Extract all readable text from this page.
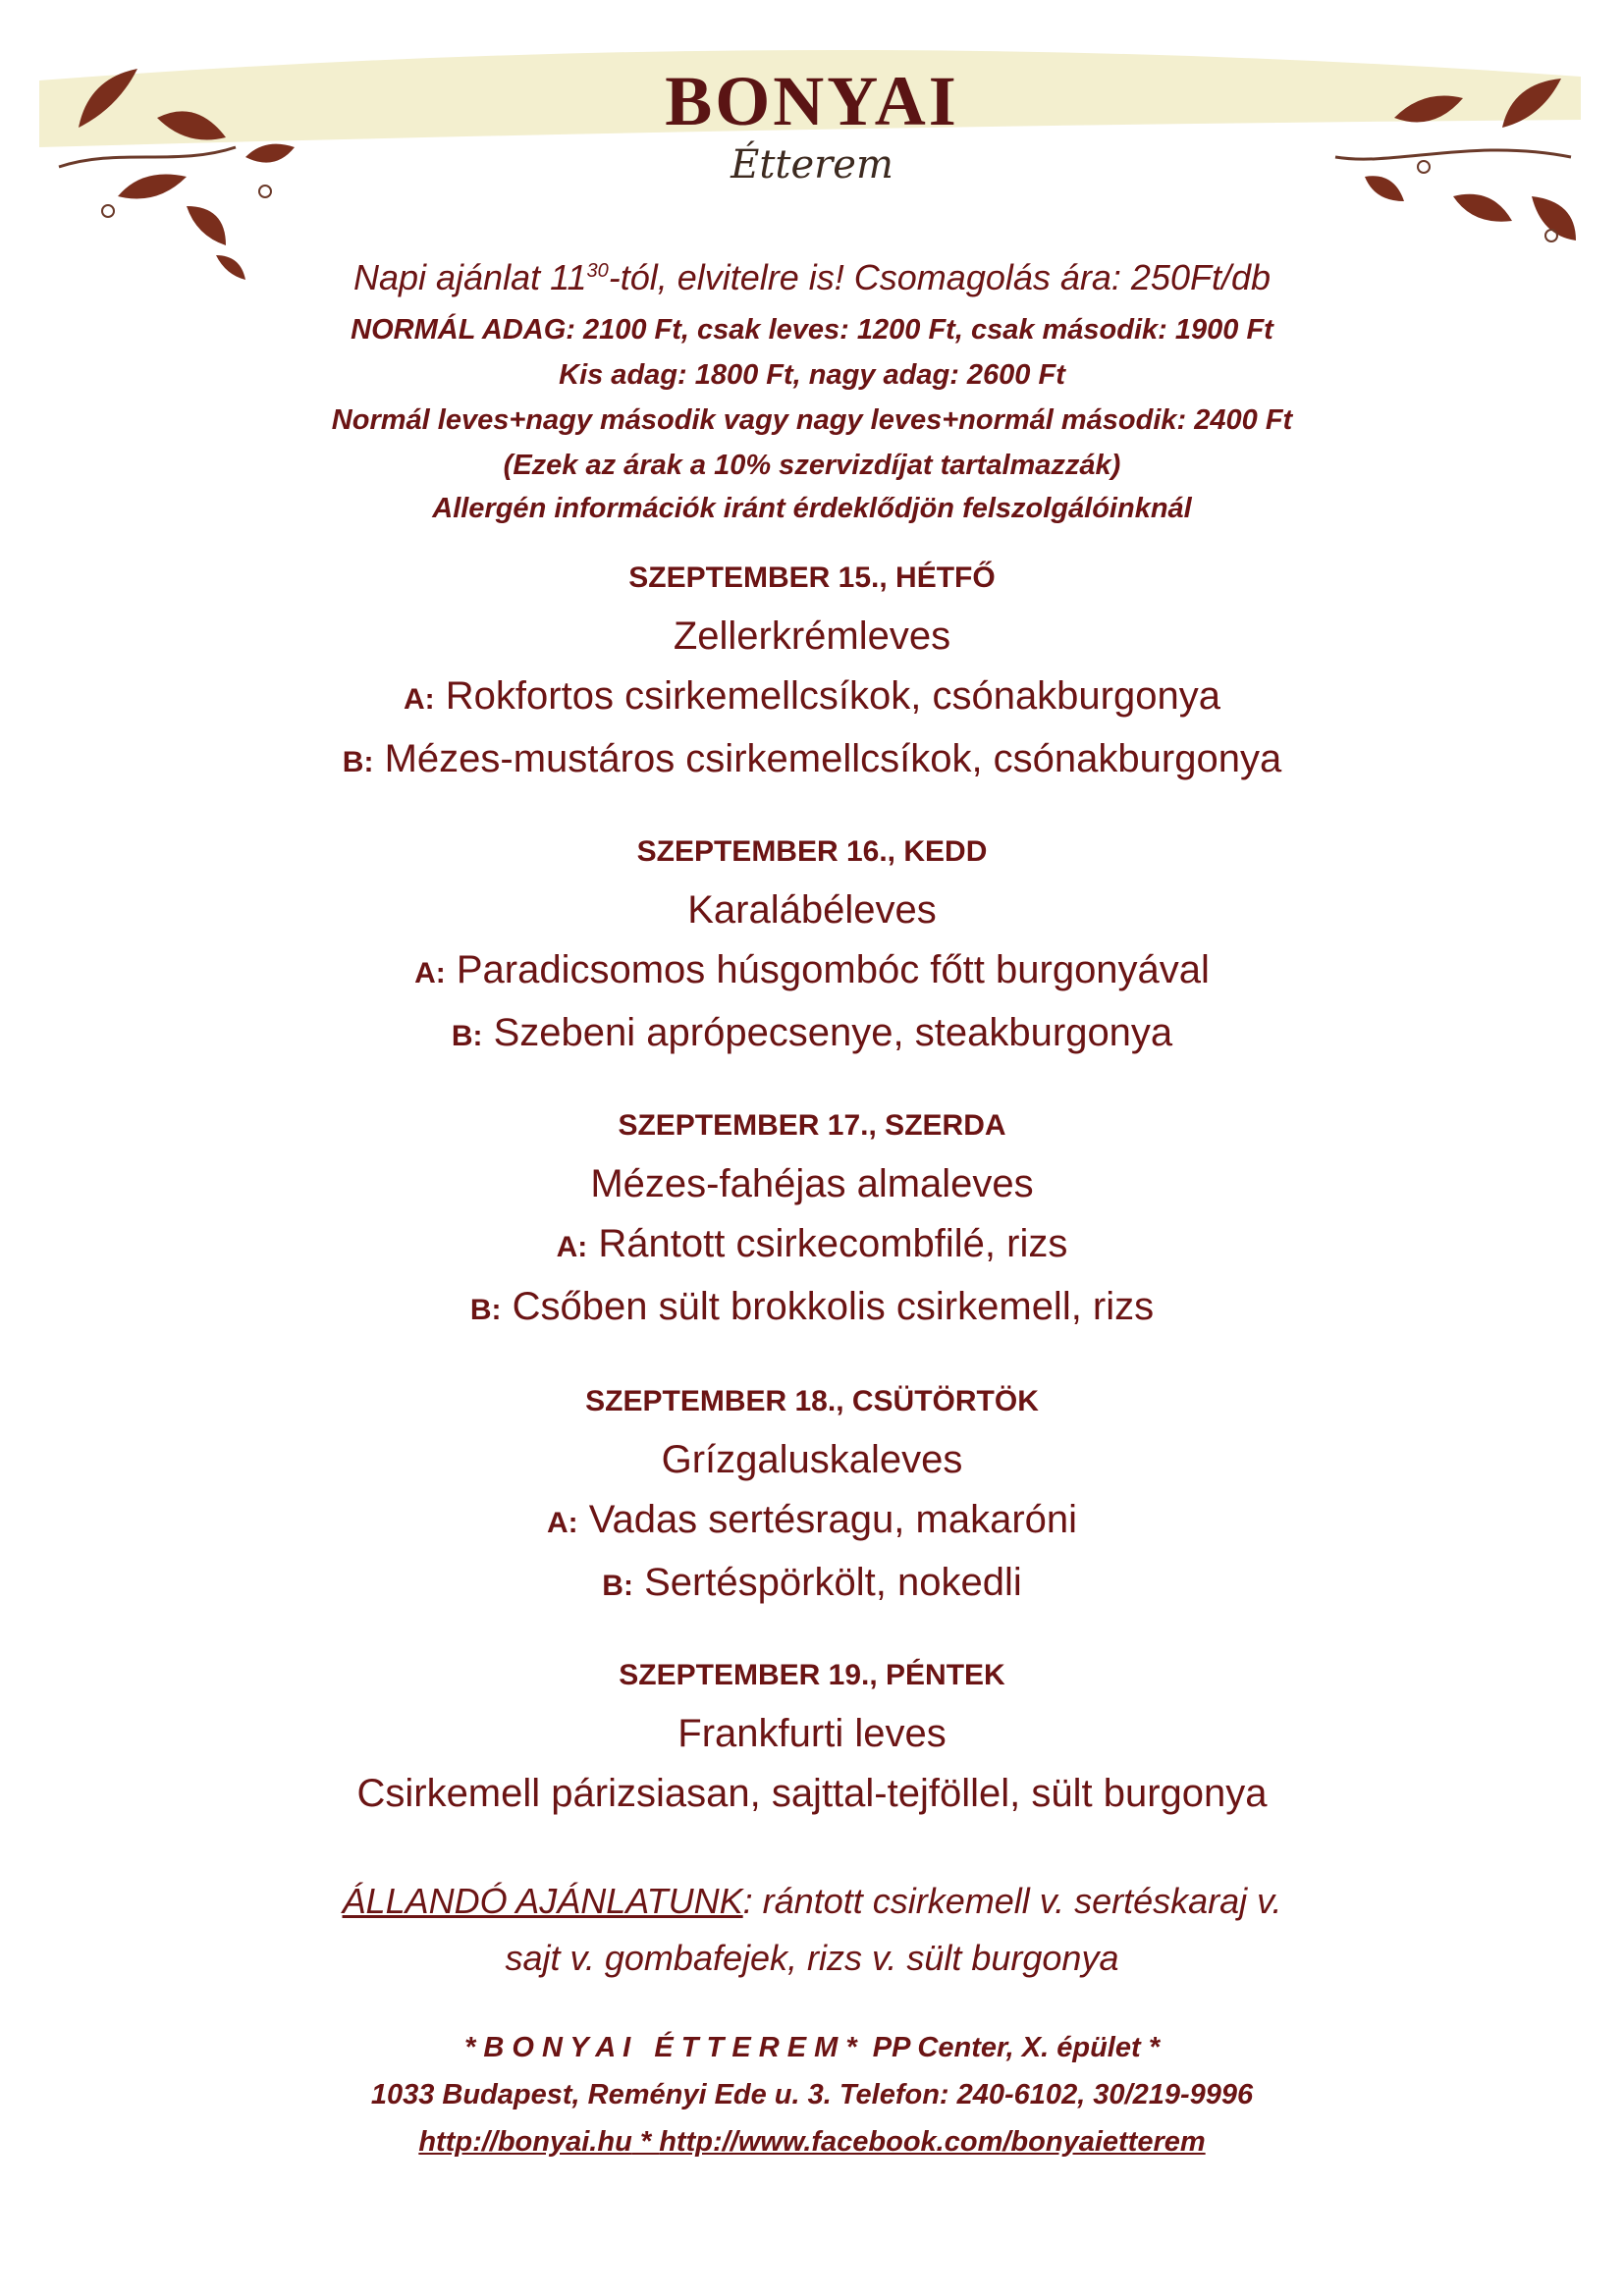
BONYAI
Étterem
Napi ajánlat $11^{30}$-tól, elvitelre is! Csomagolás ára: 250Ft/db
NORMÁL ADAG: 2100 Ft, csak leves: 1200 Ft, csak második: 1900 Ft
Kis adag: 1800 Ft, nagy adag: 2600 Ft
Normál leves+nagy második vagy nagy leves+normál második: 2400 Ft
(Ezek az árak a 10% szervizdíjat tartalmazzák)
Allergén információk iránt érdeklődjön felszolgálóinknál
SZEPTEMBER 15., HÉTFŐ
Zellerkrémleves
A: Rokfortos csirkemellcsíkok, csónakburgonya
B: Mézes-mustáros csirkemellcsíkok, csónakburgonya
SZEPTEMBER 16., KEDD
Karalábéleves
A: Paradicsomos húsgombóc főtt burgonyával
B: Szebeni aprópecsenye, steakburgonya
SZEPTEMBER 17., SZERDA
Mézes-fahéjas almaleves
A: Rántott csirkecombfilé, rizs
B: Csőben sült brokkolis csirkemell, rizs
SZEPTEMBER 18., CSÜTÖRTÖK
Grízgaluskaleves
A: Vadas sertésragu, makaróni
B: Sertéspörkölt, nokedli
SZEPTEMBER 19., PÉNTEK
Frankfurti leves
Csirkemell párizsiasan, sajttal-tejföllel, sült burgonya
ÁLLANDÓ AJÁNLATUNK: rántott csirkemell v. sertéskaraj v.
sajt v. gombafejek, rizs v. sült burgonya
* B O N Y A I   É T T E R E M *  PP Center, X. épület *
1033 Budapest, Reményi Ede u. 3. Telefon: 240-6102, 30/219-9996
http://bonyai.hu * http://www.facebook.com/bonyaietterem
